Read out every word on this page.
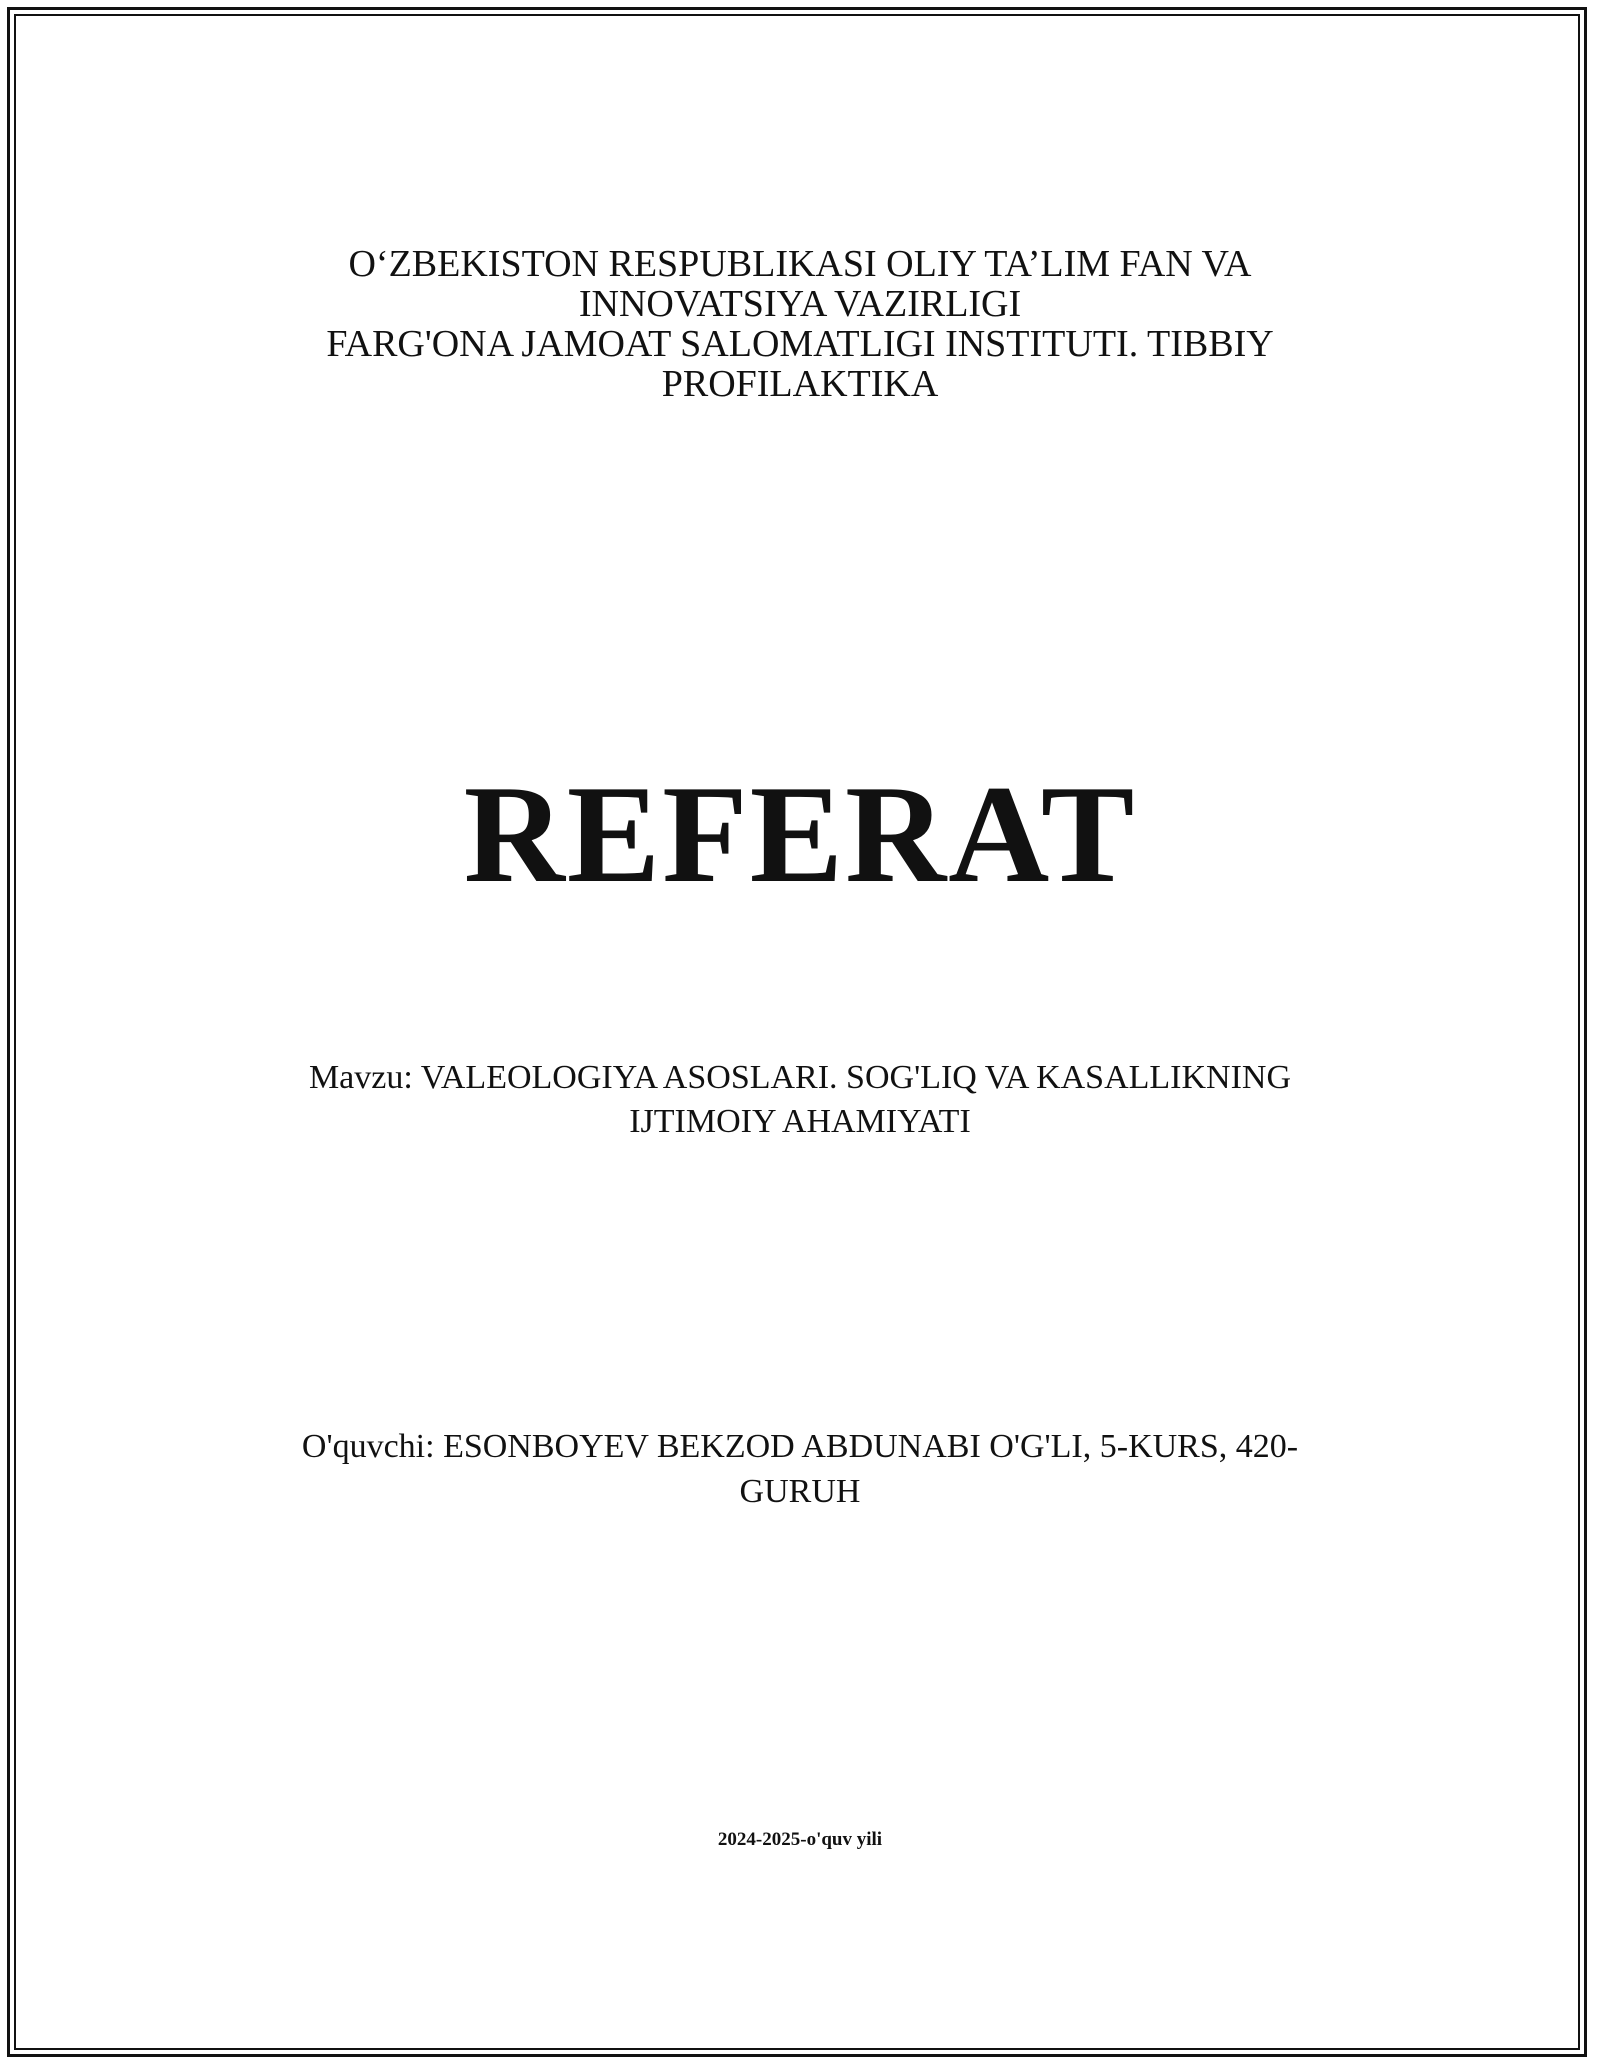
O‘ZBEKISTON RESPUBLIKASI OLIY TA’LIM FAN VA
INNOVATSIYA VAZIRLIGI
FARG'ONA JAMOAT SALOMATLIGI INSTITUTI. TIBBIY
PROFILAKTIKA
REFERAT
Mavzu: VALEOLOGIYA ASOSLARI. SOG'LIQ VA KASALLIKNING
IJTIMOIY AHAMIYATI
O'quvchi: ESONBOYEV BEKZOD ABDUNABI O'G'LI, 5-KURS, 420-
GURUH
2024-2025-o'quv yili
